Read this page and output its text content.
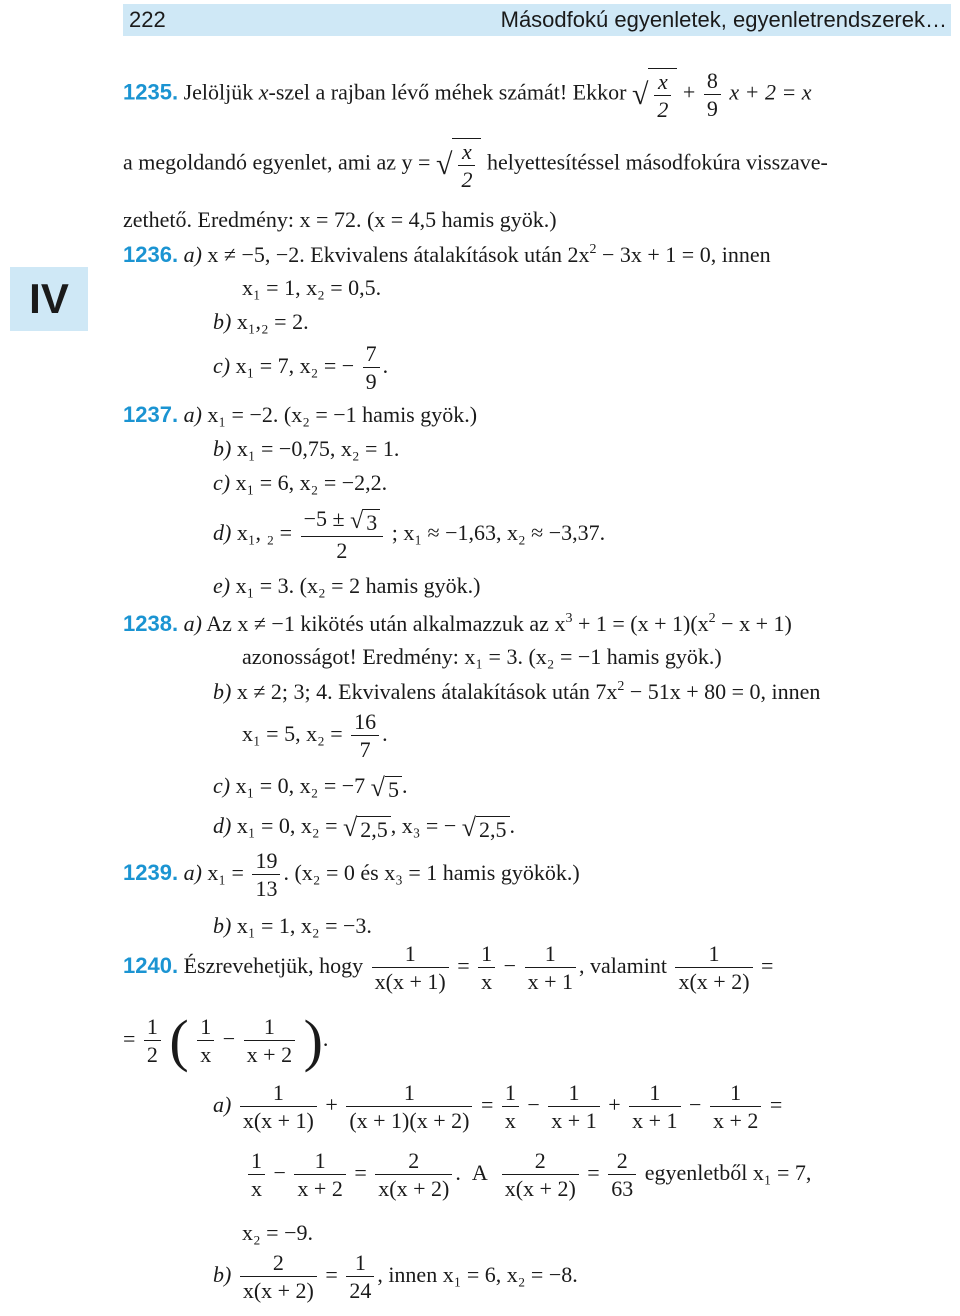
222	Másodfokú egyenletek, egyenletrendszerek…
IV
1235. Jelöljük x-szel a rajban lévő méhek számát! Ekkor √ $\frac{x}{2} + \frac{8}{9}$ x + 2 = x
a megoldandó egyenlet, ami az y = √ $\frac{x}{2}$ helyettesítéssel másodfokúra visszave-
zethető. Eredmény: x = 72. (x = 4,5 hamis gyök.)
1236. a) x ≠ −5, −2. Ekvivalens átalakítások után $2x^2 - 3x + 1 = 0$, innen
x₁ = 1, x₂ = 0,5.
b) x₁,₂ = 2.
c) x₁ = 7, x₂ = − $\frac{7}{9}$ .
1237. a) x₁ = −2. (x₂ = −1 hamis gyök.)
b) x₁ = −0,75, x₂ = 1.
c) x₁ = 6, x₂ = −2,2.
d) x₁, $_2 = \frac{-5 \pm √ 3}{2}$ ; x₁ ≈ −1,63, x₂ ≈ −3,37.
e) x₁ = 3. (x₂ = 2 hamis gyök.)
1238. a) Az x ≠ −1 kikötés után alkalmazzuk az $x^3 + 1 = (x + 1)(x^2 - x + 1)$
azonosságot! Eredmény: x₁ = 3. (x₂ = −1 hamis gyök.)
b) x ≠ 2; 3; 4. Ekvivalens átalakítások után $7x^2 - 51x + 80 = 0$, innen
x₁ = 5, $x_2 = \frac{16}{7}$ .
c) x₁ = 0, x₂ = −7 √ 5 .
d) x₁ = 0, x₂ = √ 2,5 , x₃ = − √ 2,5 .
1239. a) $x_1 = \frac{19}{13}$ . (x₂ = 0 és x₃ = 1 hamis gyökök.)
b) x₁ = 1, x₂ = −3.
1240. Észrevehetjük, hogy $\frac{1}{x(x + 1)} = \frac{1}{x} - \frac{1}{x + 1}$ , valamint $\frac{1}{x(x + 2)}$ =
= $\frac{1}{2}$ ( $\frac{1}{x} - \frac{1}{x + 2}$ ).
$a) \frac{1}{x(x + 1)} + \frac{1}{(x + 1)(x + 2)} = \frac{1}{x} - \frac{1}{x + 1} + \frac{1}{x + 1} - \frac{1}{x + 2}$ =
$\frac{1}{x} - \frac{1}{x + 2} = \frac{2}{x(x + 2)}$ . A $\frac{2}{x(x + 2)} = \frac{2}{63}$ egyenletből x₁ = 7,
x₂ = −9.
$b) \frac{2}{x(x + 2)} = \frac{1}{24}$ , innen x₁ = 6, x₂ = −8.
